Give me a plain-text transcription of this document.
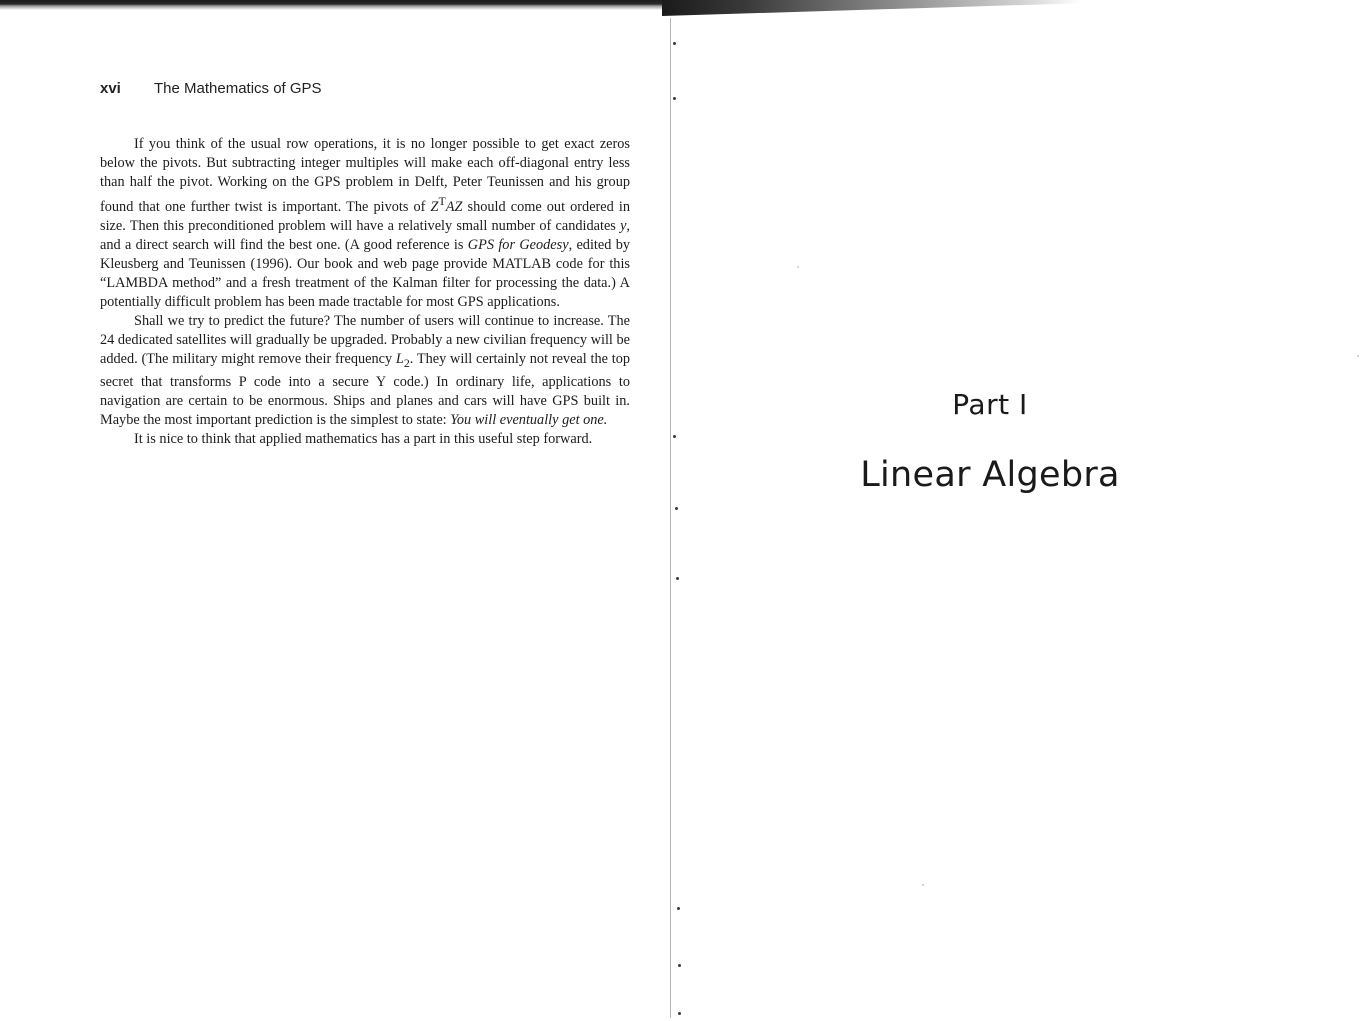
xvi	The Mathematics of GPS

If you think of the usual row operations, it is no longer possible to get exact zeros below the pivots. But subtracting integer multiples will make each off-diagonal entry less than half the pivot. Working on the GPS problem in Delft, Peter Teunissen and his group found that one further twist is important. The pivots of $Z^TAZ$ should come out ordered in size. Then this preconditioned problem will have a relatively small number of candidates y, and a direct search will find the best one. (A good reference is GPS for Geodesy, edited by Kleusberg and Teunissen (1996). Our book and web page provide MATLAB code for this “LAMBDA method” and a fresh treatment of the Kalman filter for processing the data.) A potentially difficult problem has been made tractable for most GPS applications.

Shall we try to predict the future? The number of users will continue to increase. The 24 dedicated satellites will gradually be upgraded. Probably a new civilian frequency will be added. (The military might remove their frequency $L_2$. They will certainly not reveal the top secret that transforms P code into a secure Y code.) In ordinary life, applications to navigation are certain to be enormous. Ships and planes and cars will have GPS built in. Maybe the most important prediction is the simplest to state: You will eventually get one.

It is nice to think that applied mathematics has a part in this useful step forward.

Part I
Linear Algebra
